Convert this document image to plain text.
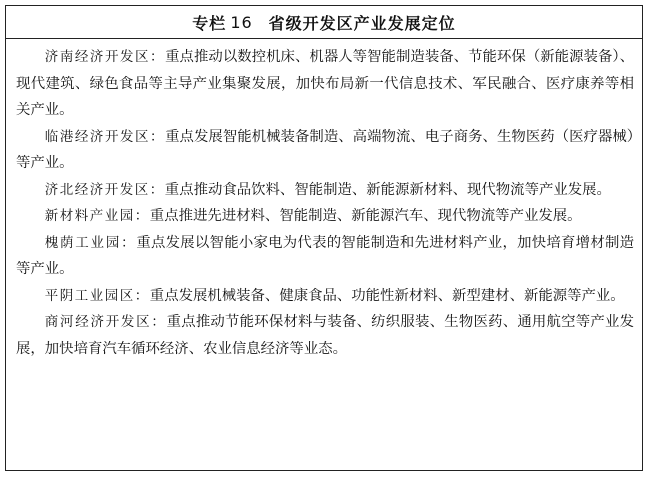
专栏 16 省级开发区产业发展定位

济南经济开发区：重点推动以数控机床、机器人等智能制造装备、节能环保（新能源装备）、现代建筑、绿色食品等主导产业集聚发展，加快布局新一代信息技术、军民融合、医疗康养等相关产业。

临港经济开发区：重点发展智能机械装备制造、高端物流、电子商务、生物医药（医疗器械）等产业。

济北经济开发区：重点推动食品饮料、智能制造、新能源新材料、现代物流等产业发展。

新材料产业园：重点推进先进材料、智能制造、新能源汽车、现代物流等产业发展。

槐荫工业园：重点发展以智能小家电为代表的智能制造和先进材料产业，加快培育增材制造等产业。

平阴工业园区：重点发展机械装备、健康食品、功能性新材料、新型建材、新能源等产业。

商河经济开发区：重点推动节能环保材料与装备、纺织服装、生物医药、通用航空等产业发展，加快培育汽车循环经济、农业信息经济等业态。
